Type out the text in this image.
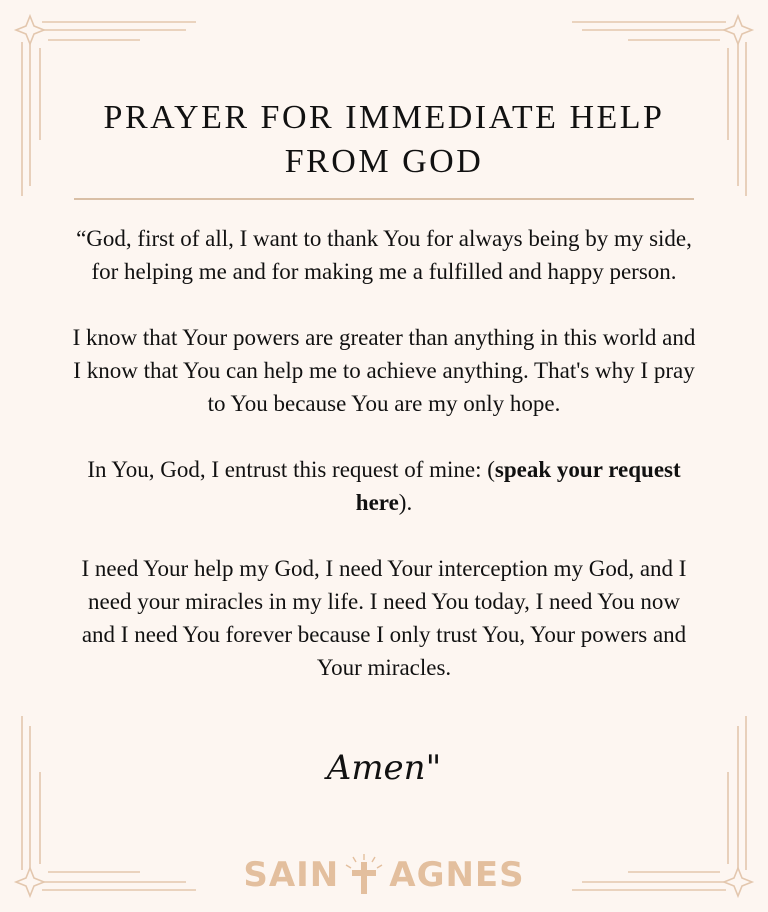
PRAYER FOR IMMEDIATE HELP FROM GOD

“God, first of all, I want to thank You for always being by my side, for helping me and for making me a fulfilled and happy person.

I know that Your powers are greater than anything in this world and I know that You can help me to achieve anything. That's why I pray to You because You are my only hope.

In You, God, I entrust this request of mine: (speak your request here).

I need Your help my God, I need Your interception my God, and I need your miracles in my life. I need You today, I need You now and I need You forever because I only trust You, Your powers and Your miracles.

Amen"
SAIN AGNES
